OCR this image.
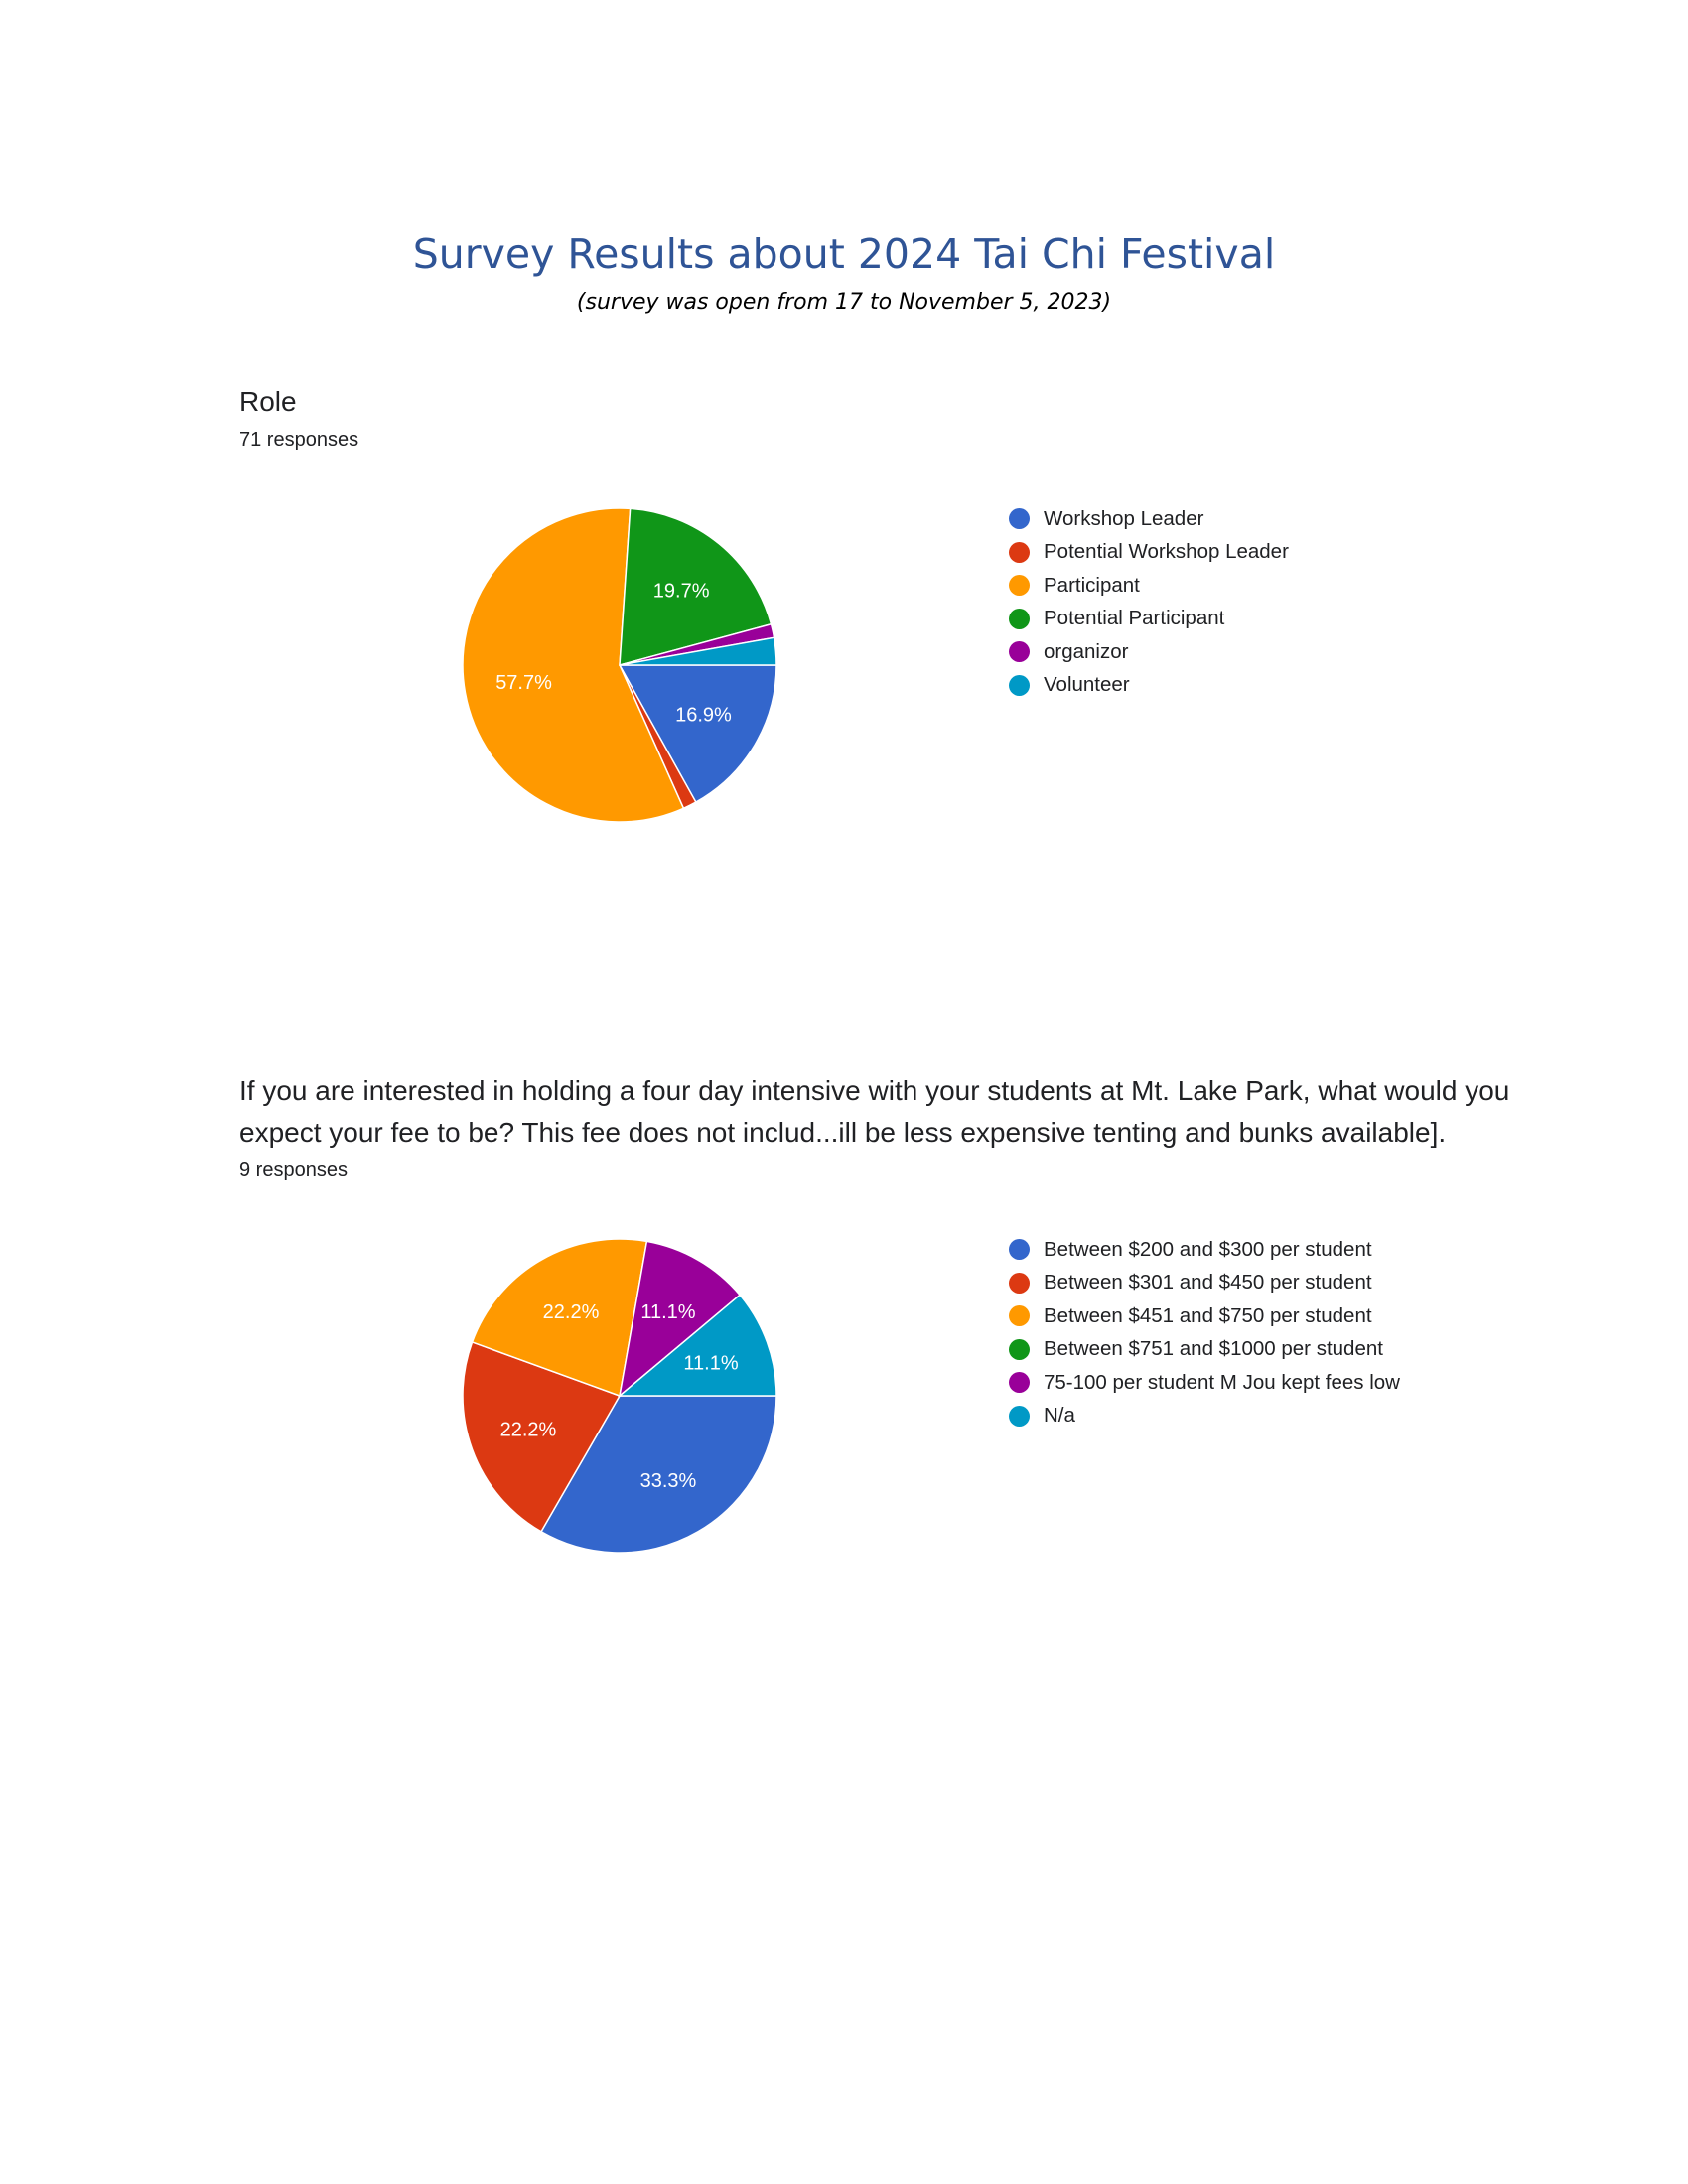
Survey Results about 2024 Tai Chi Festival
(survey was open from 17 to November 5, 2023)
Role
71 responses
16.9%
57.7%
19.7%
Workshop Leader
Potential Workshop Leader
Participant
Potential Participant
organizor
Volunteer
If you are interested in holding a four day intensive with your students at Mt. Lake Park, what would you expect your fee to be? This fee does not includ...ill be less expensive tenting and bunks available].
9 responses
33.3%
22.2%
22.2% 11.1%
11.1%
Between $200 and $300 per student
Between $301 and $450 per student
Between $451 and $750 per student
Between $751 and $1000 per student
75-100 per student M Jou kept fees low
N/a
